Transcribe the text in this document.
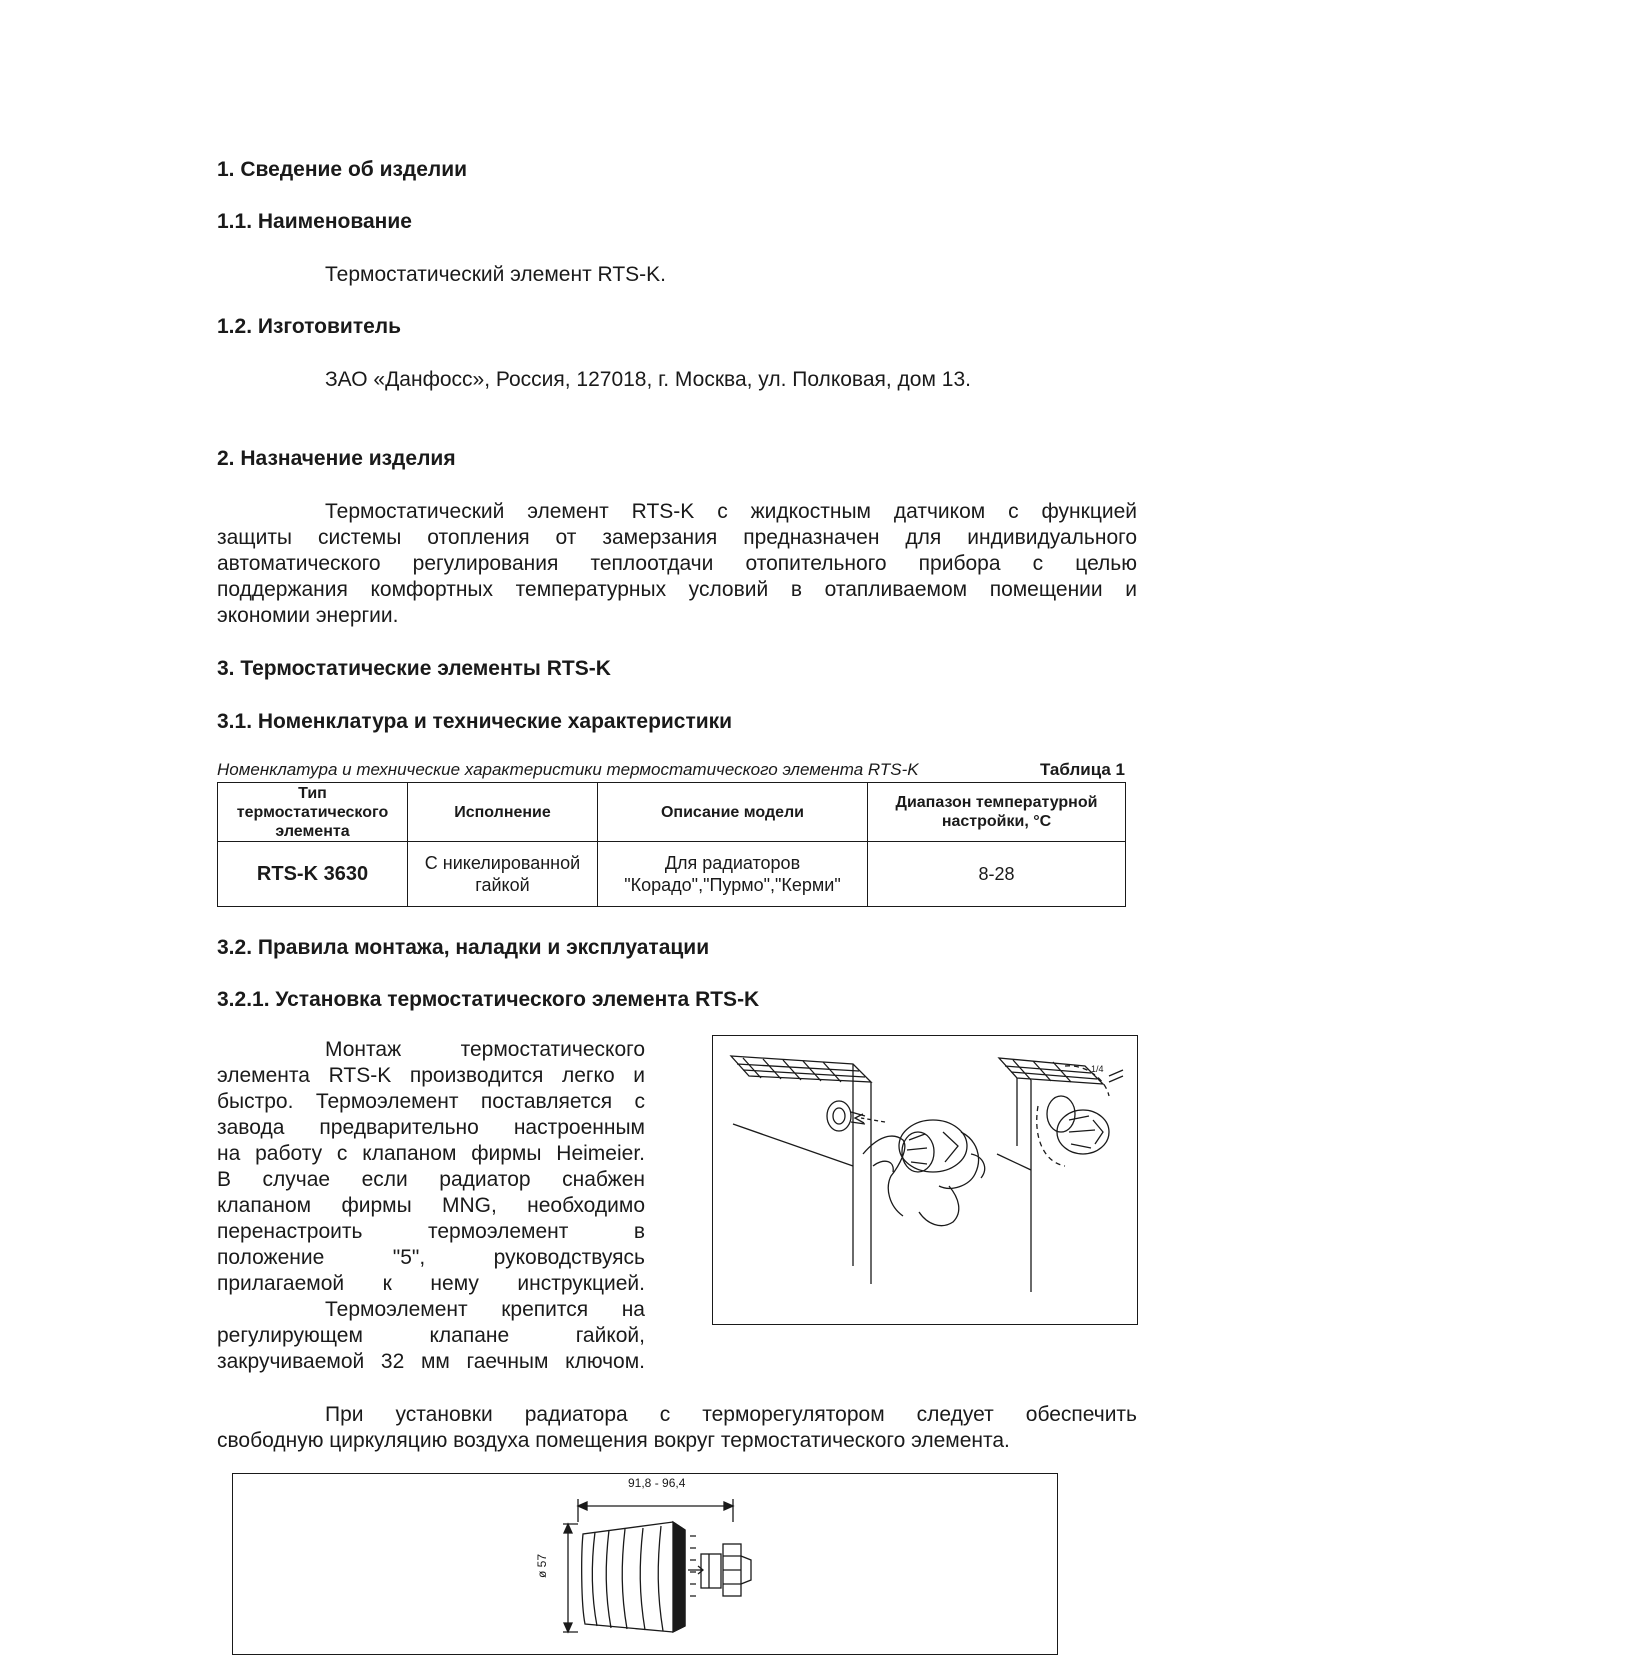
1. Сведение об изделии
1.1. Наименование
Термостатический элемент RTS-K.
1.2. Изготовитель
ЗАО «Данфосс», Россия, 127018, г. Москва, ул. Полковая, дом 13.
2. Назначение изделия
Термостатический элемент RTS-K с жидкостным датчиком с функцией
защиты системы отопления от замерзания предназначен для индивидуального
автоматического регулирования теплоотдачи отопительного прибора с целью
поддержания комфортных температурных условий в отапливаемом помещении и
экономии энергии.
3. Термостатические элементы RTS-K
3.1. Номенклатура и технические характеристики
Номенклатура и технические характеристики термостатического элемента RTS-K	Таблица 1
Тип термостатического элемента	Исполнение	Описание модели	Диапазон температурной настройки, °С
RTS-K 3630	С никелированной гайкой	Для радиаторов "Корадо","Пурмо","Керми"	8-28
3.2. Правила монтажа, наладки и эксплуатации
3.2.1. Установка термостатического элемента RTS-K
Монтаж термостатического
элемента RTS-K производится легко и
быстро. Термоэлемент поставляется с
завода предварительно настроенным
на работу с клапаном фирмы Heimeier.
В случае если радиатор снабжен
клапаном фирмы MNG, необходимо
перенастроить термоэлемент в
положение "5", руководствуясь
прилагаемой к нему инструкцией.
Термоэлемент крепится на
регулирующем клапане гайкой,
закручиваемой 32 мм гаечным ключом.
1/4
При установки радиатора с терморегулятором следует обеспечить
свободную циркуляцию воздуха помещения вокруг термостатического элемента.
91,8 - 96,4
ø 57
